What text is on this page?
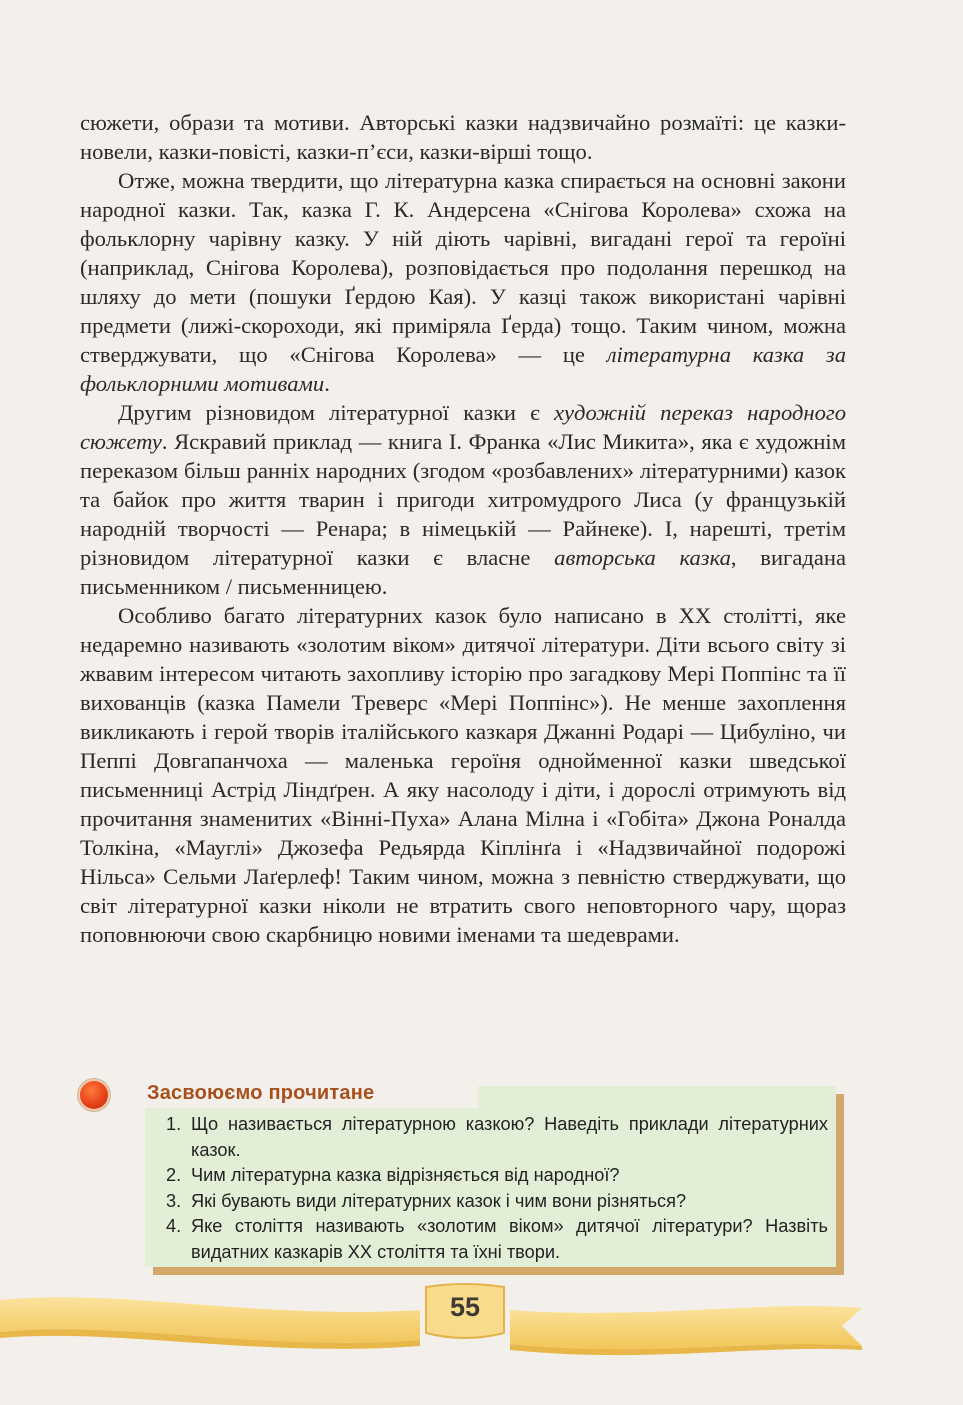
сюжети, образи та мотиви. Авторські казки надзвичайно розмаїті: це казки-новели, казки-повісті, казки-п’єси, казки-вірші тощо.

Отже, можна твердити, що літературна казка спирається на основні закони народної казки. Так, казка Г. К. Андерсена «Снігова Королева» схожа на фольклорну чарівну казку. У ній діють чарівні, вигадані герої та героїні (наприклад, Снігова Королева), розповідається про подолання перешкод на шляху до мети (пошуки Ґердою Кая). У казці також використані чарівні предмети (лижі-скороходи, які приміряла Ґерда) тощо. Таким чином, можна стверджувати, що «Снігова Королева» — це літературна казка за фольклорними мотивами.

Другим різновидом літературної казки є художній переказ народного сюжету. Яскравий приклад — книга І. Франка «Лис Микита», яка є художнім переказом більш ранніх народних (згодом «розбавлених» літературними) казок та байок про життя тварин і пригоди хитромудрого Лиса (у французькій народній творчості — Ренара; в німецькій — Райнеке). І, нарешті, третім різновидом літературної казки є власне авторська казка, вигадана письменником / письменницею.

Особливо багато літературних казок було написано в XX столітті, яке недаремно називають «золотим віком» дитячої літератури. Діти всього світу зі жвавим інтересом читають захопливу історію про загадкову Мері Поппінс та її вихованців (казка Памели Треверс «Мері Поппінс»). Не менше захоплення викликають і герой творів італійського казкаря Джанні Родарі — Цибуліно, чи Пеппі Довгапанчоха — маленька героїня однойменної казки шведської письменниці Астрід Ліндґрен. А яку насолоду і діти, і дорослі отримують від прочитання знаменитих «Вінні-Пуха» Алана Мілна і «Гобіта» Джона Роналда Толкіна, «Мауглі» Джозефа Редьярда Кіплінґа і «Надзвичайної подорожі Нільса» Сельми Лаґерлеф! Таким чином, можна з певністю стверджувати, що світ літературної казки ніколи не втратить свого неповторного чару, щораз поповнюючи свою скарбницю новими іменами та шедеврами.

Засвоюємо прочитане
1. Що називається літературною казкою? Наведіть приклади літературних казок.
2. Чим літературна казка відрізняється від народної?
3. Які бувають види літературних казок і чим вони різняться?
4. Яке століття називають «золотим віком» дитячої літератури? Назвіть видатних казкарів XX століття та їхні твори.
55
